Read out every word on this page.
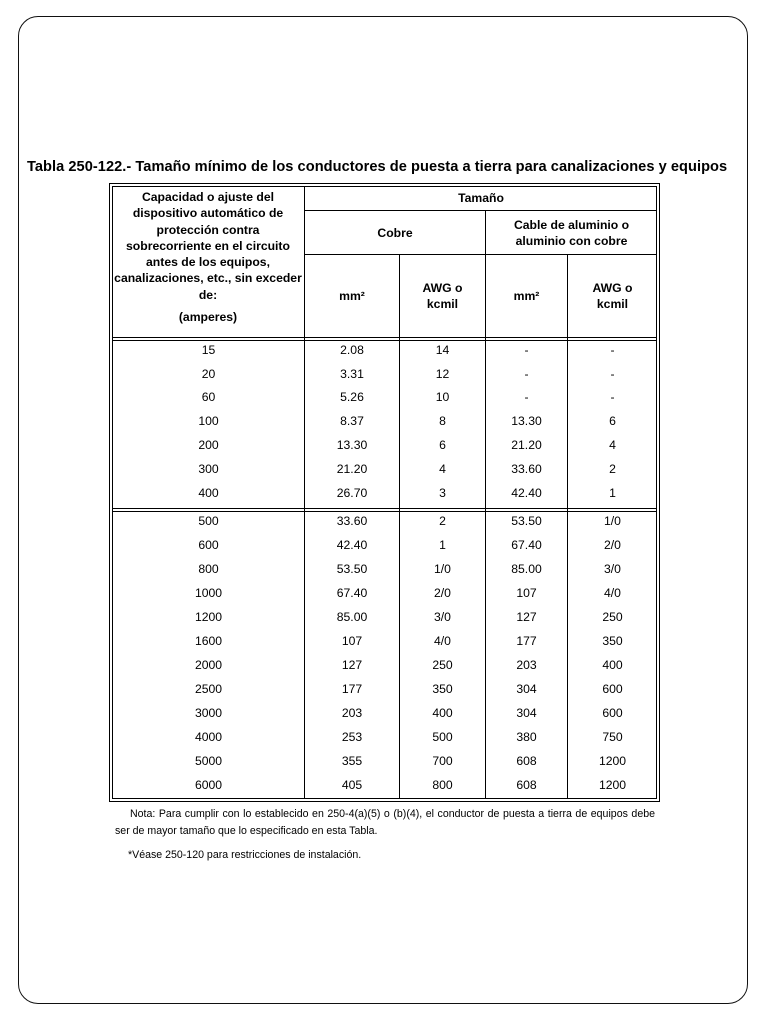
Tabla 250-122.- Tamaño mínimo de los conductores de puesta a tierra para canalizaciones y equipos
Capacidad o ajuste del dispositivo automático de protección contra sobrecorriente en el circuito antes de los equipos, canalizaciones, etc., sin exceder de:
(amperes)
Tamaño
Cobre
Cable de aluminio o aluminio con cobre
mm²
AWG o kcmil
mm²
AWG o kcmil
15	2.08	14	-	-
20	3.31	12	-	-
60	5.26	10	-	-
100	8.37	8	13.30	6
200	13.30	6	21.20	4
300	21.20	4	33.60	2
400	26.70	3	42.40	1
500	33.60	2	53.50	1/0
600	42.40	1	67.40	2/0
800	53.50	1/0	85.00	3/0
1000	67.40	2/0	107	4/0
1200	85.00	3/0	127	250
1600	107	4/0	177	350
2000	127	250	203	400
2500	177	350	304	600
3000	203	400	304	600
4000	253	500	380	750
5000	355	700	608	1200
6000	405	800	608	1200
Nota: Para cumplir con lo establecido en 250-4(a)(5) o (b)(4), el conductor de puesta a tierra de equipos debe ser de mayor tamaño que lo especificado en esta Tabla.
*Véase 250-120 para restricciones de instalación.
